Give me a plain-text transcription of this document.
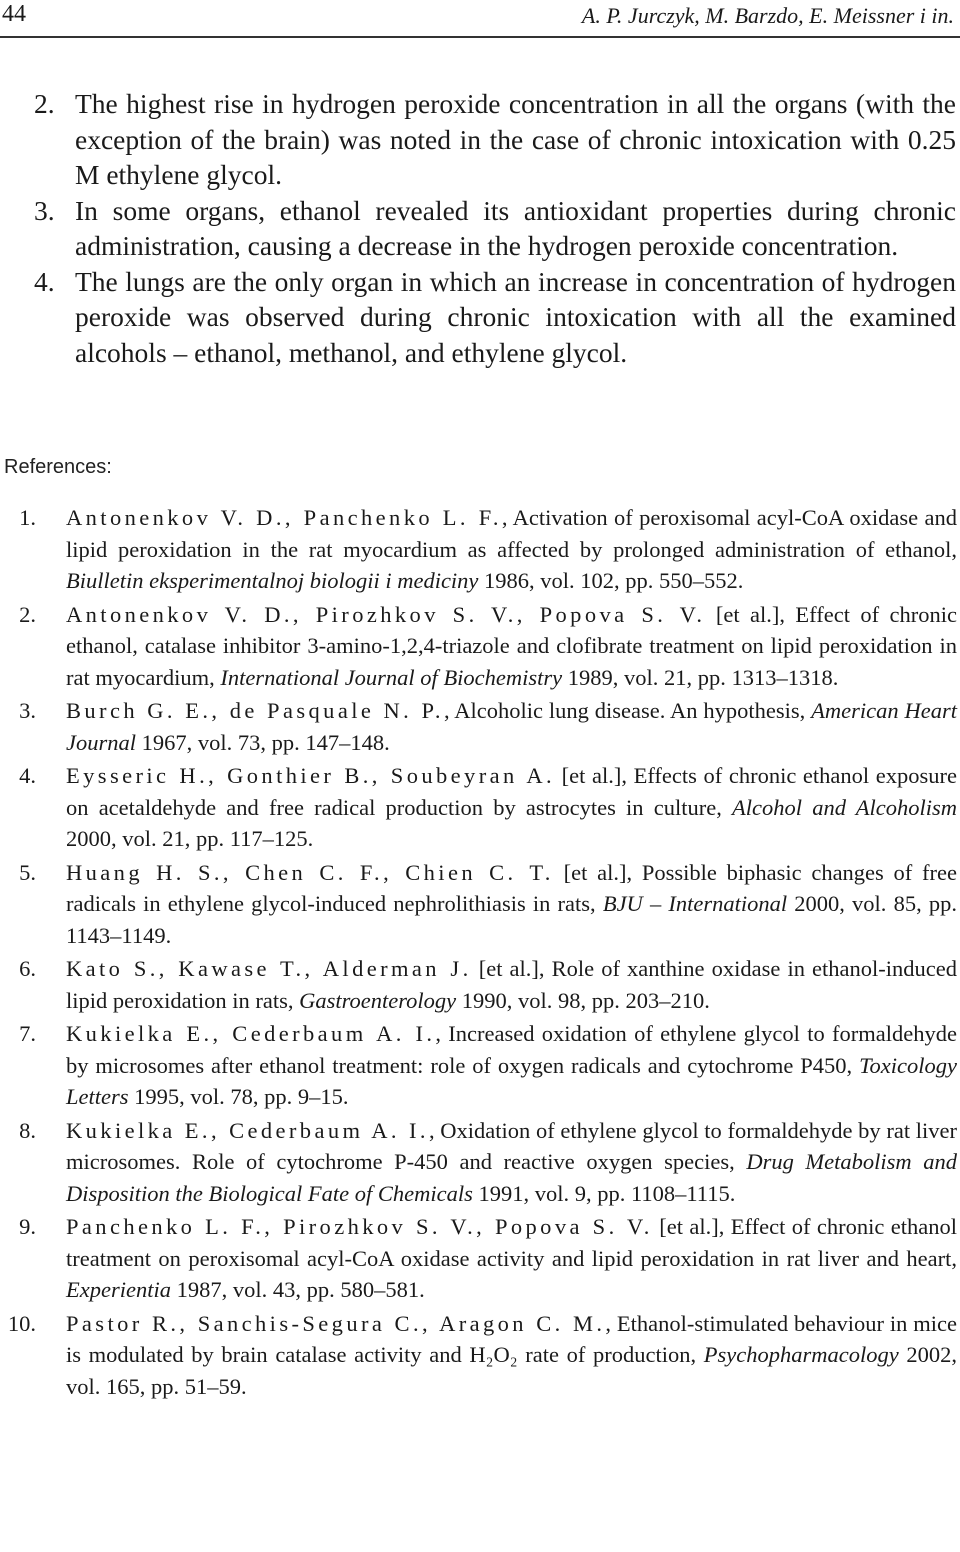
44	A. P. Jurczyk, M. Barzdo, E. Meissner i in.
2. The highest rise in hydrogen peroxide concentration in all the organs (with the exception of the brain) was noted in the case of chronic intoxication with 0.25 M ethylene glycol.
3. In some organs, ethanol revealed its antioxidant properties during chronic administration, causing a decrease in the hydrogen peroxide concentration.
4. The lungs are the only organ in which an increase in concentration of hydrogen peroxide was observed during chronic intoxication with all the examined alcohols – ethanol, methanol, and ethylene glycol.
References:
1. Antonenkov V. D., Panchenko L. F., Activation of peroxisomal acyl-CoA oxidase and lipid peroxidation in the rat myocardium as affected by prolonged administration of ethanol, Biulletin eksperimentalnoj biologii i mediciny 1986, vol. 102, pp. 550–552.
2. Antonenkov V. D., Pirozhkov S. V., Popova S. V. [et al.], Effect of chronic ethanol, catalase inhibitor 3-amino-1,2,4-triazole and clofibrate treatment on lipid peroxidation in rat myocardium, International Journal of Biochemistry 1989, vol. 21, pp. 1313–1318.
3. Burch G. E., de Pasquale N. P., Alcoholic lung disease. An hypothesis, American Heart Journal 1967, vol. 73, pp. 147–148.
4. Eysseric H., Gonthier B., Soubeyran A. [et al.], Effects of chronic ethanol exposure on acetaldehyde and free radical production by astrocytes in culture, Alcohol and Alcoholism 2000, vol. 21, pp. 117–125.
5. Huang H. S., Chen C. F., Chien C. T. [et al.], Possible biphasic changes of free radicals in ethylene glycol-induced nephrolithiasis in rats, BJU – International 2000, vol. 85, pp. 1143–1149.
6. Kato S., Kawase T., Alderman J. [et al.], Role of xanthine oxidase in ethanol-induced lipid peroxidation in rats, Gastroenterology 1990, vol. 98, pp. 203–210.
7. Kukielka E., Cederbaum A. I., Increased oxidation of ethylene glycol to formaldehyde by microsomes after ethanol treatment: role of oxygen radicals and cytochrome P450, Toxicology Letters 1995, vol. 78, pp. 9–15.
8. Kukielka E., Cederbaum A. I., Oxidation of ethylene glycol to formaldehyde by rat liver microsomes. Role of cytochrome P-450 and reactive oxygen species, Drug Metabolism and Disposition the Biological Fate of Chemicals 1991, vol. 9, pp. 1108–1115.
9. Panchenko L. F., Pirozhkov S. V., Popova S. V. [et al.], Effect of chronic ethanol treatment on peroxisomal acyl-CoA oxidase activity and lipid peroxidation in rat liver and heart, Experientia 1987, vol. 43, pp. 580–581.
10. Pastor R., Sanchis-Segura C., Aragon C. M., Ethanol-stimulated behaviour in mice is modulated by brain catalase activity and H₂O₂ rate of production, Psychopharmacology 2002, vol. 165, pp. 51–59.
